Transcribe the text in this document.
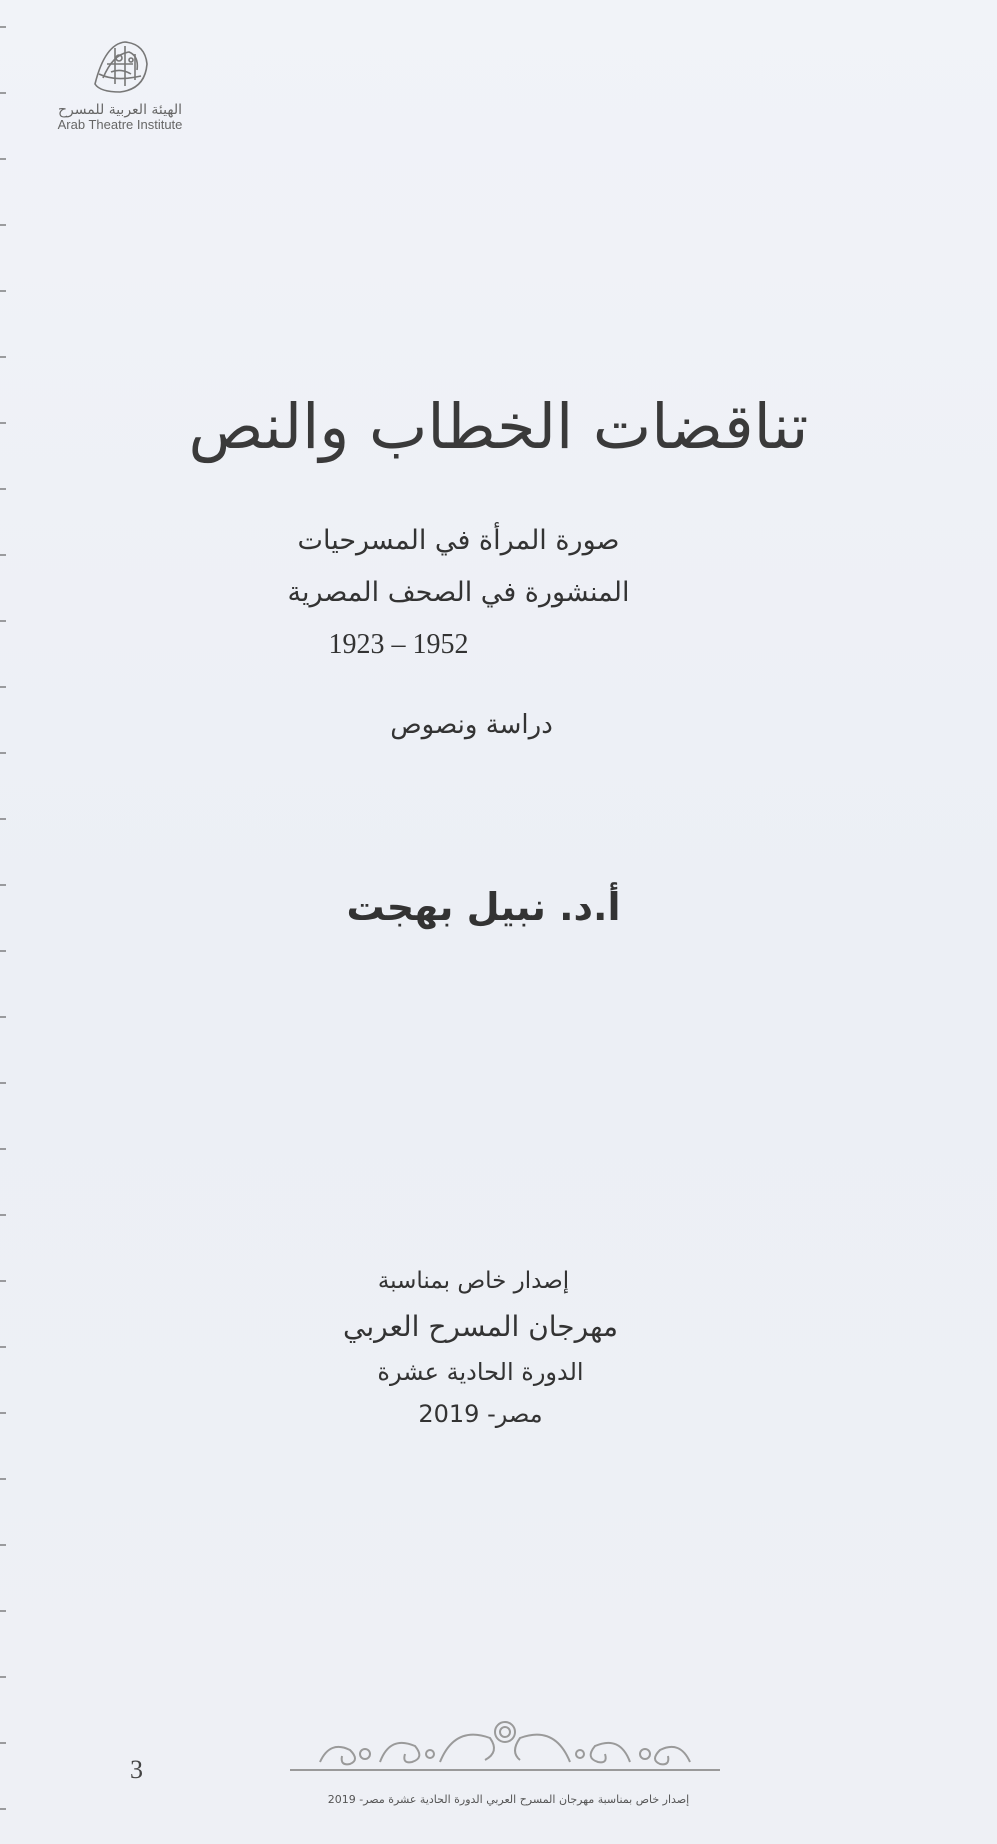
الهيئة العربية للمسرح
Arab Theatre Institute
تناقضات الخطاب والنص
صورة المرأة في المسرحيات
المنشورة في الصحف المصرية
1923 – 1952
دراسة ونصوص
أ.د. نبيل بهجت
إصدار خاص بمناسبة
مهرجان المسرح العربي
الدورة الحادية عشرة
مصر- 2019
3
إصدار خاص بمناسبة مهرجان المسرح العربي الدورة الحادية عشرة مصر- 2019
